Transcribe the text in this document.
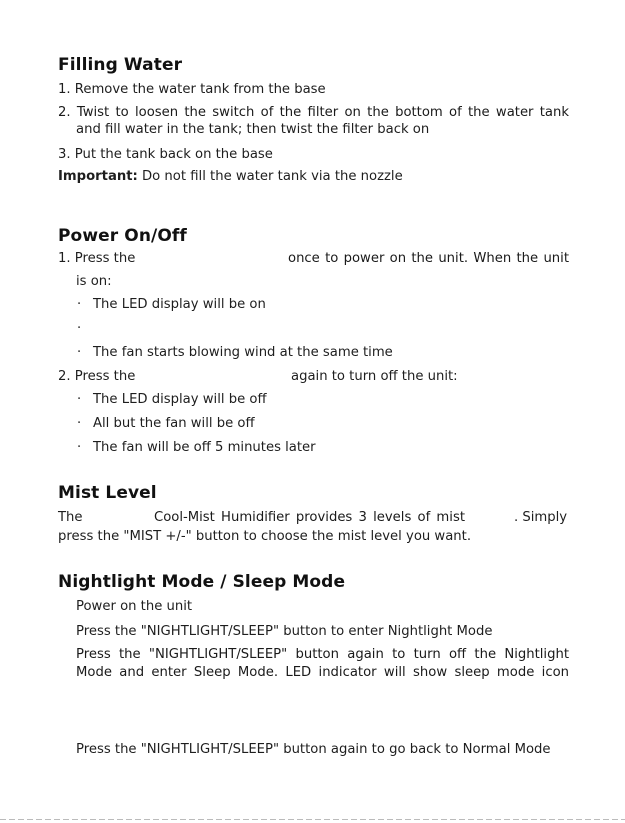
Filling Water
1. Remove the water tank from the base
2. Twist to loosen the switch of the filter on the bottom of the water tank
and fill water in the tank; then twist the filter back on
3. Put the tank back on the base
Important: Do not fill the water tank via the nozzle
Power On/Off
1. Press the	once to power on the unit. When the unit
is on:
· The LED display will be on
·
· The fan starts blowing wind at the same time
2. Press the	again to turn off the unit:
· The LED display will be off
· All but the fan will be off
· The fan will be off 5 minutes later
Mist Level
The	Cool-Mist Humidifier provides 3 levels of mist	. Simply
press the "MIST +/-" button to choose the mist level you want.
Nightlight Mode / Sleep Mode
Power on the unit
Press the "NIGHTLIGHT/SLEEP" button to enter Nightlight Mode
Press the "NIGHTLIGHT/SLEEP" button again to turn off the Nightlight
Mode and enter Sleep Mode. LED indicator will show sleep mode icon
Press the "NIGHTLIGHT/SLEEP" button again to go back to Normal Mode
